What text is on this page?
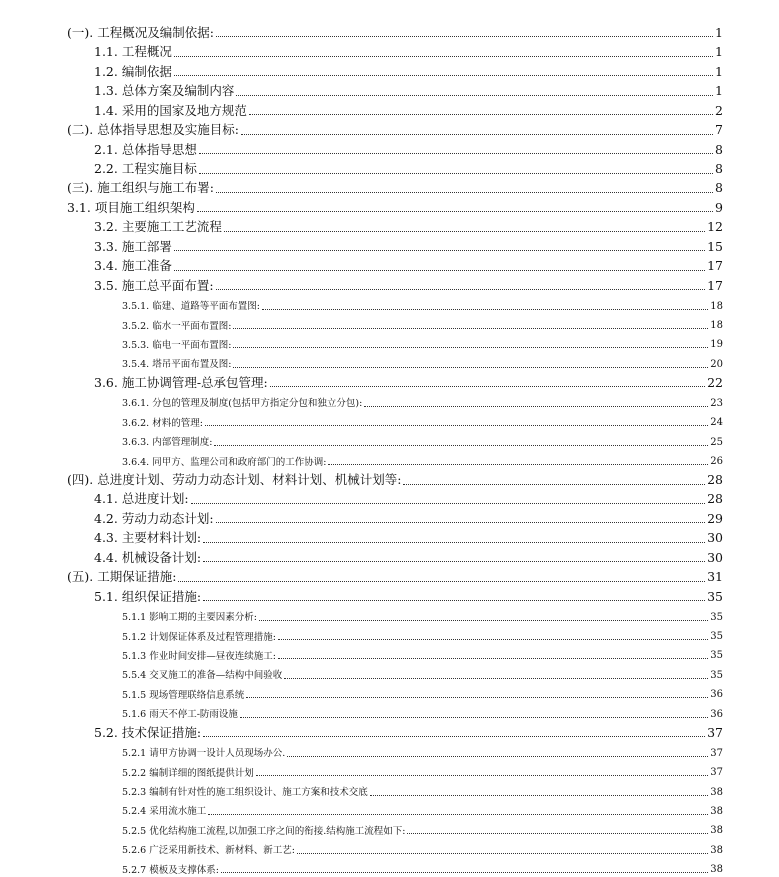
(一). 工程概况及编制依据:	1
1.1. 工程概况	1
1.2. 编制依据	1
1.3. 总体方案及编制内容	1
1.4. 采用的国家及地方规范	2
(二). 总体指导思想及实施目标:	7
2.1. 总体指导思想	8
2.2. 工程实施目标	8
(三). 施工组织与施工布署:	8
3.1. 项目施工组织架构	9
3.2. 主要施工工艺流程	12
3.3. 施工部署	15
3.4. 施工准备	17
3.5. 施工总平面布置:	17
3.5.1. 临建、道路等平面布置图:	18
3.5.2. 临水一平面布置图:	18
3.5.3. 临电一平面布置图:	19
3.5.4. 塔吊平面布置及图:	20
3.6. 施工协调管理-总承包管理:	22
3.6.1. 分包的管理及制度(包括甲方指定分包和独立分包):	23
3.6.2. 材料的管理:	24
3.6.3. 内部管理制度:	25
3.6.4. 同甲方、监理公司和政府部门的工作协调:	26
(四). 总进度计划、劳动力动态计划、材料计划、机械计划等:	28
4.1. 总进度计划:	28
4.2. 劳动力动态计划:	29
4.3. 主要材料计划:	30
4.4. 机械设备计划:	30
(五). 工期保证措施:	31
5.1. 组织保证措施:	35
5.1.1 影响工期的主要因素分析:	35
5.1.2 计划保证体系及过程管理措施:	35
5.1.3 作业时间安排—昼夜连续施工:	35
5.5.4 交叉施工的准备—结构中间验收	35
5.1.5 现场管理联络信息系统	36
5.1.6 雨天不停工-防雨设施	36
5.2. 技术保证措施:	37
5.2.1 请甲方协调一设计人员现场办公.	37
5.2.2 编制详细的图纸提供计划	37
5.2.3 编制有针对性的施工组织设计、施工方案和技术交底	38
5.2.4 采用流水施工	38
5.2.5 优化结构施工流程,以加强工序之间的衔接.结构施工流程如下:	38
5.2.6 广泛采用新技术、新材料、新工艺:	38
5.2.7 模板及支撑体系:	38
